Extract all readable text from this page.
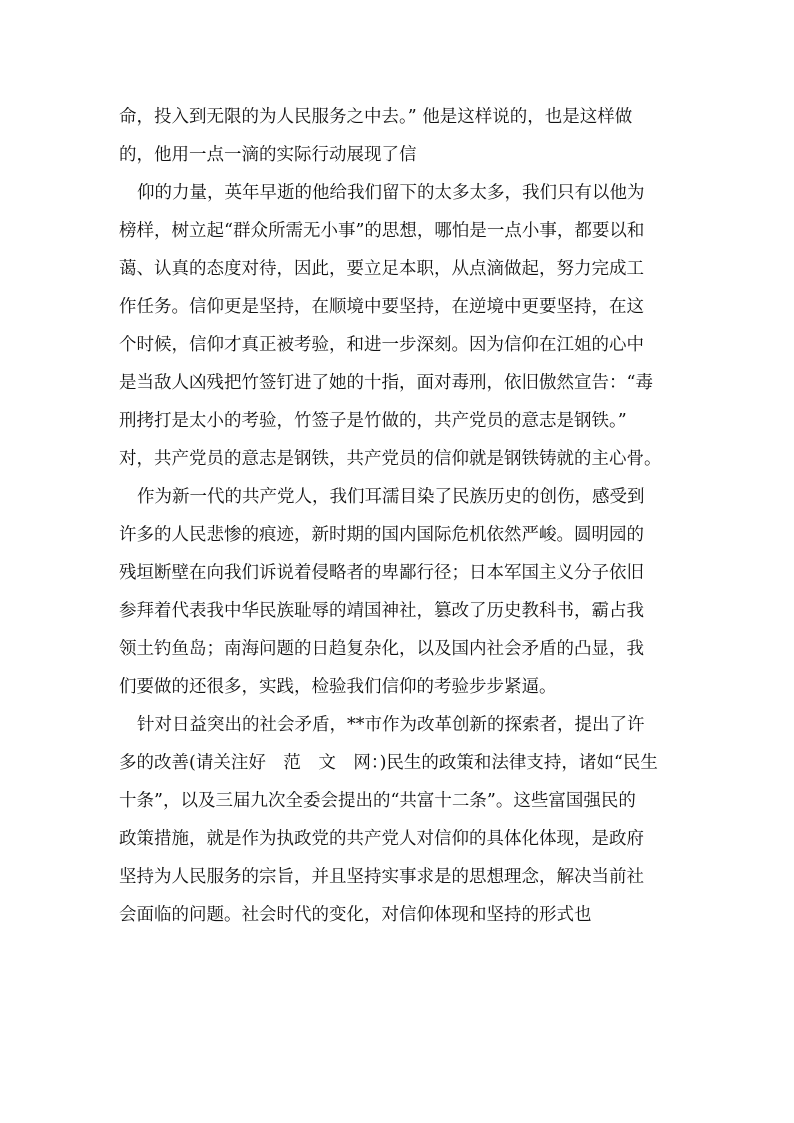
命，投入到无限的为人民服务之中去。” 他是这样说的，也是这样做
的，他用一点一滴的实际行动展现了信
仰的力量，英年早逝的他给我们留下的太多太多，我们只有以他为
榜样，树立起“群众所需无小事”的思想，哪怕是一点小事，都要以和
蔼、认真的态度对待，因此，要立足本职，从点滴做起，努力完成工
作任务。信仰更是坚持，在顺境中要坚持，在逆境中更要坚持，在这
个时候，信仰才真正被考验，和进一步深刻。因为信仰在江姐的心中
是当敌人凶残把竹签钉进了她的十指，面对毒刑，依旧傲然宣告：“毒
刑拷打是太小的考验，竹签子是竹做的，共产党员的意志是钢铁。”
对，共产党员的意志是钢铁，共产党员的信仰就是钢铁铸就的主心骨。
作为新一代的共产党人，我们耳濡目染了民族历史的创伤，感受到
许多的人民悲惨的痕迹，新时期的国内国际危机依然严峻。圆明园的
残垣断壁在向我们诉说着侵略者的卑鄙行径；日本军国主义分子依旧
参拜着代表我中华民族耻辱的靖国神社，篡改了历史教科书，霸占我
领土钓鱼岛；南海问题的日趋复杂化，以及国内社会矛盾的凸显，我
们要做的还很多，实践，检验我们信仰的考验步步紧逼。
针对日益突出的社会矛盾，**市作为改革创新的探索者，提出了许
多的改善(请关注好　范　文　网：)民生的政策和法律支持，诸如“民生
十条”，以及三届九次全委会提出的“共富十二条”。这些富国强民的
政策措施，就是作为执政党的共产党人对信仰的具体化体现，是政府
坚持为人民服务的宗旨，并且坚持实事求是的思想理念，解决当前社
会面临的问题。社会时代的变化，对信仰体现和坚持的形式也
